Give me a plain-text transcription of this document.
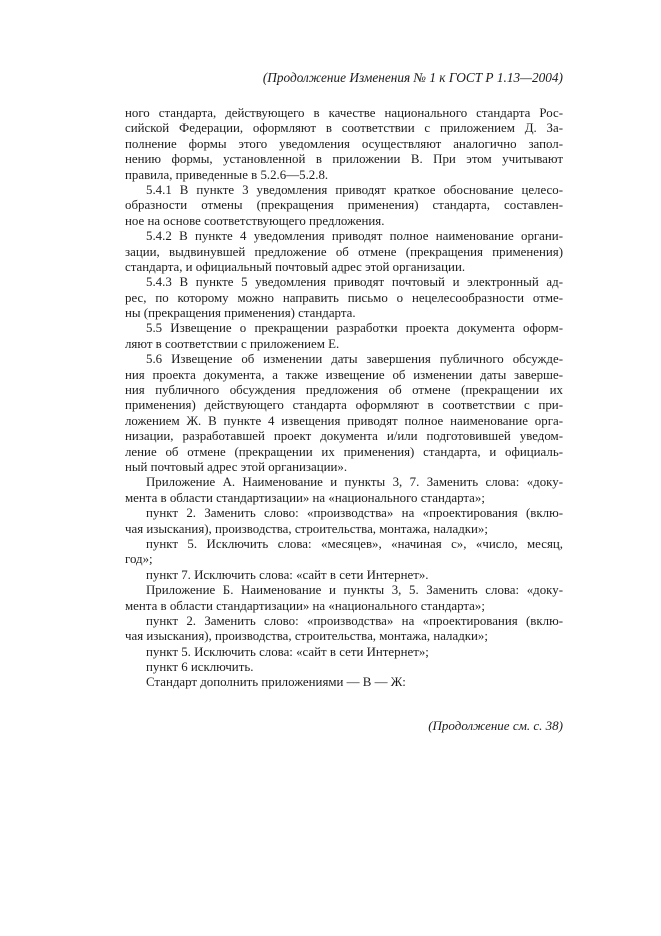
(Продолжение Изменения № 1 к ГОСТ Р 1.13—2004)
ного стандарта, действующего в качестве национального стандарта Рос-
сийской Федерации, оформляют в соответствии с приложением Д. За-
полнение формы этого уведомления осуществляют аналогично запол-
нению формы, установленной в приложении В. При этом учитывают
правила, приведенные в 5.2.6—5.2.8.
5.4.1 В пункте 3 уведомления приводят краткое обоснование целесо-
образности отмены (прекращения применения) стандарта, составлен-
ное на основе соответствующего предложения.
5.4.2 В пункте 4 уведомления приводят полное наименование органи-
зации, выдвинувшей предложение об отмене (прекращения применения)
стандарта, и официальный почтовый адрес этой организации.
5.4.3 В пункте 5 уведомления приводят почтовый и электронный ад-
рес, по которому можно направить письмо о нецелесообразности отме-
ны (прекращения применения) стандарта.
5.5 Извещение о прекращении разработки проекта документа оформ-
ляют в соответствии с приложением Е.
5.6 Извещение об изменении даты завершения публичного обсужде-
ния проекта документа, а также извещение об изменении даты заверше-
ния публичного обсуждения предложения об отмене (прекращении их
применения) действующего стандарта оформляют в соответствии с при-
ложением Ж. В пункте 4 извещения приводят полное наименование орга-
низации, разработавшей проект документа и/или подготовившей уведом-
ление об отмене (прекращении их применения) стандарта, и официаль-
ный почтовый адрес этой организации».
Приложение А. Наименование и пункты 3, 7. Заменить слова: «доку-
мента в области стандартизации» на «национального стандарта»;
пункт 2. Заменить слово: «производства» на «проектирования (вклю-
чая изыскания), производства, строительства, монтажа, наладки»;
пункт 5. Исключить слова: «месяцев», «начиная с», «число, месяц,
год»;
пункт 7. Исключить слова: «сайт в сети Интернет».
Приложение Б. Наименование и пункты 3, 5. Заменить слова: «доку-
мента в области стандартизации» на «национального стандарта»;
пункт 2. Заменить слово: «производства» на «проектирования (вклю-
чая изыскания), производства, строительства, монтажа, наладки»;
пункт 5. Исключить слова: «сайт в сети Интернет»;
пункт 6 исключить.
Стандарт дополнить приложениями — В — Ж:
(Продолжение см. с. 38)
